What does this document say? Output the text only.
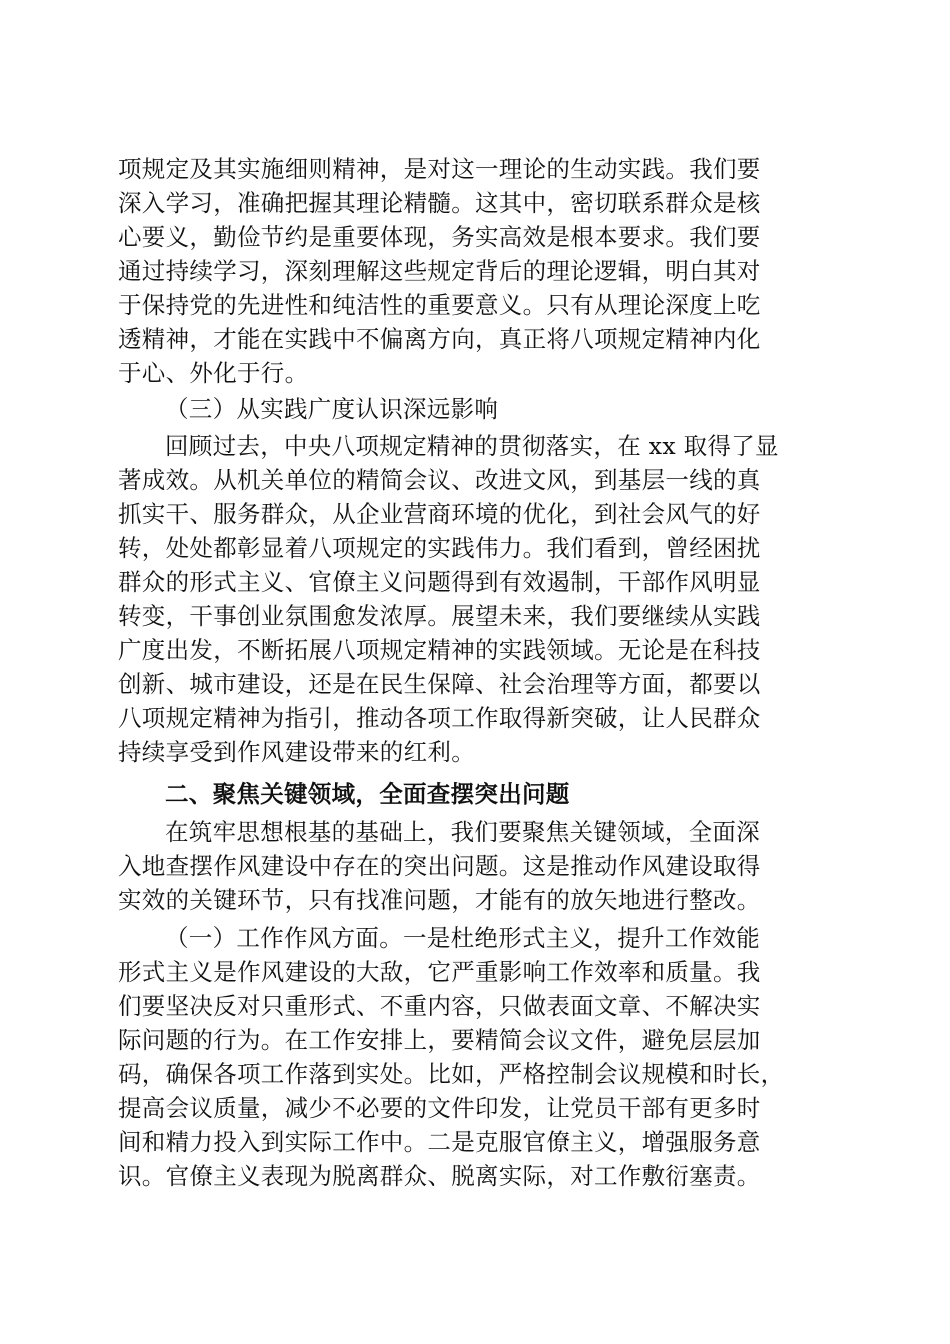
项规定及其实施细则精神，是对这一理论的生动实践。我们要
深入学习，准确把握其理论精髓。这其中，密切联系群众是核
心要义，勤俭节约是重要体现，务实高效是根本要求。我们要
通过持续学习，深刻理解这些规定背后的理论逻辑，明白其对
于保持党的先进性和纯洁性的重要意义。只有从理论深度上吃
透精神，才能在实践中不偏离方向，真正将八项规定精神内化
于心、外化于行。
（三）从实践广度认识深远影响
回顾过去，中央八项规定精神的贯彻落实，在 xx 取得了显
著成效。从机关单位的精简会议、改进文风，到基层一线的真
抓实干、服务群众，从企业营商环境的优化，到社会风气的好
转，处处都彰显着八项规定的实践伟力。我们看到，曾经困扰
群众的形式主义、官僚主义问题得到有效遏制，干部作风明显
转变，干事创业氛围愈发浓厚。展望未来，我们要继续从实践
广度出发，不断拓展八项规定精神的实践领域。无论是在科技
创新、城市建设，还是在民生保障、社会治理等方面，都要以
八项规定精神为指引，推动各项工作取得新突破，让人民群众
持续享受到作风建设带来的红利。
二、聚焦关键领域，全面查摆突出问题
在筑牢思想根基的基础上，我们要聚焦关键领域，全面深
入地查摆作风建设中存在的突出问题。这是推动作风建设取得
实效的关键环节，只有找准问题，才能有的放矢地进行整改。
（一）工作作风方面。一是杜绝形式主义，提升工作效能
形式主义是作风建设的大敌，它严重影响工作效率和质量。我
们要坚决反对只重形式、不重内容，只做表面文章、不解决实
际问题的行为。在工作安排上，要精简会议文件，避免层层加
码，确保各项工作落到实处。比如，严格控制会议规模和时长，
提高会议质量，减少不必要的文件印发，让党员干部有更多时
间和精力投入到实际工作中。二是克服官僚主义，增强服务意
识。官僚主义表现为脱离群众、脱离实际，对工作敷衍塞责。
